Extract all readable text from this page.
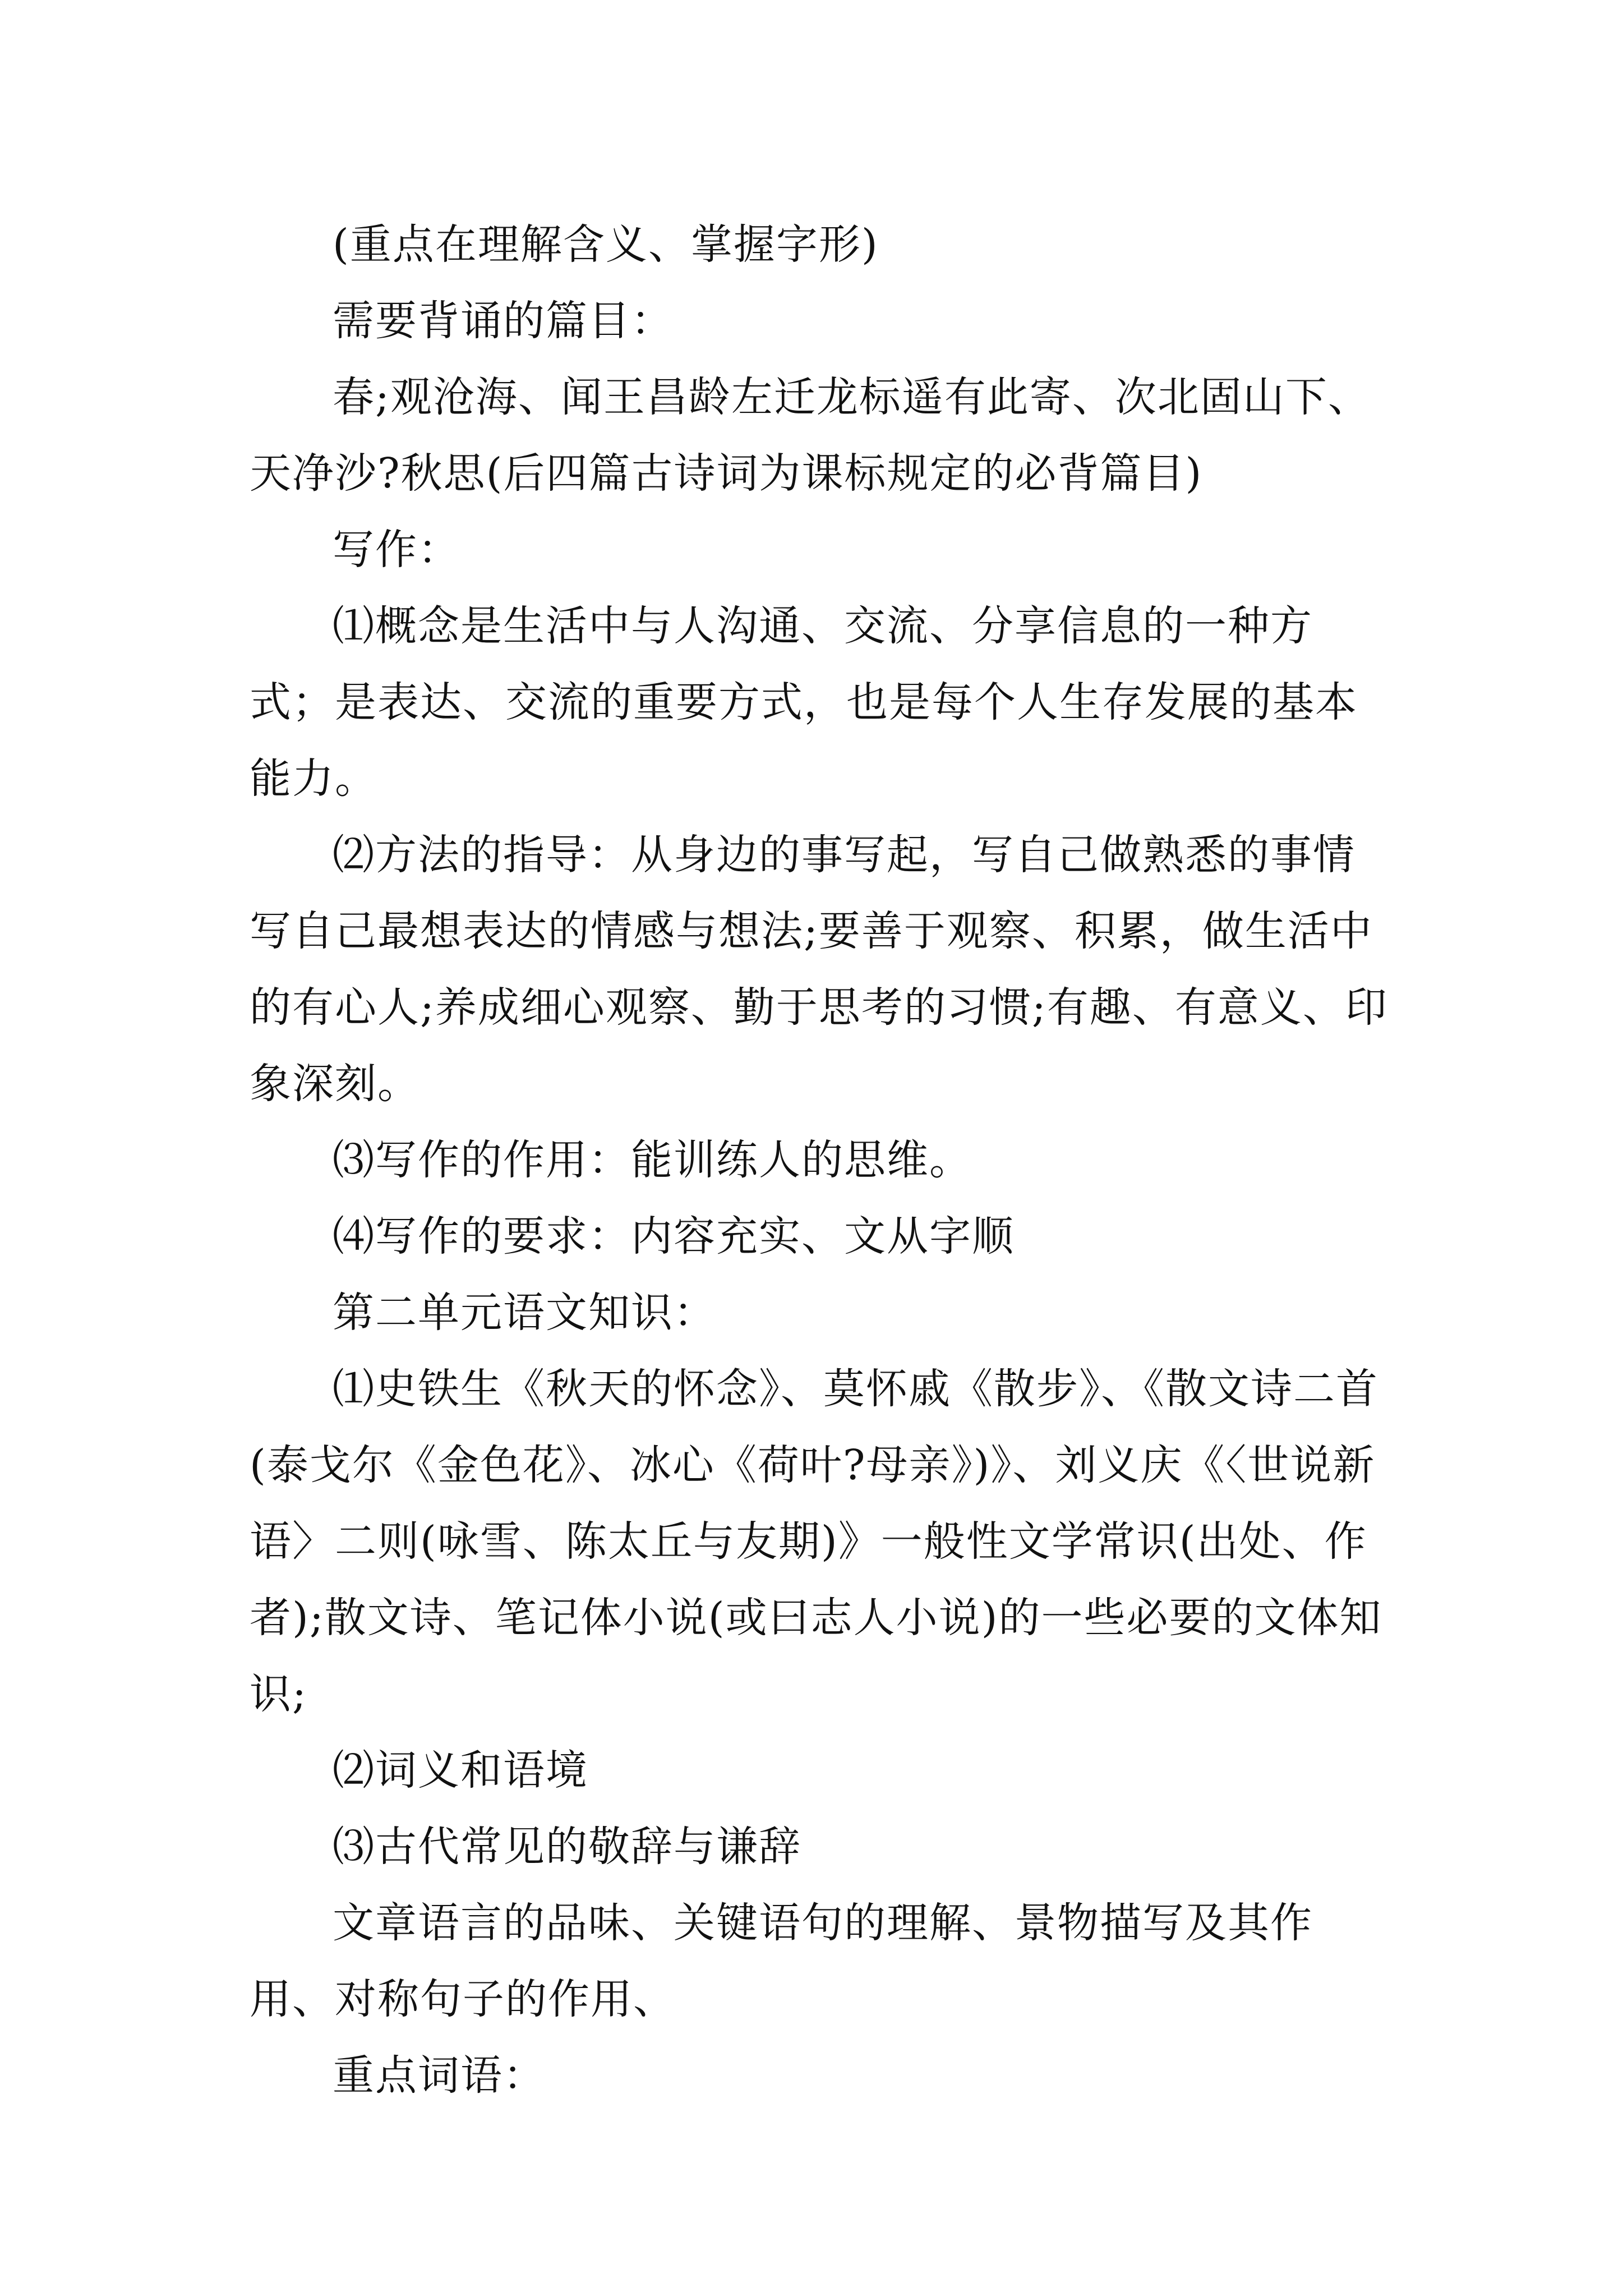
(重点在理解含义、掌握字形)

需要背诵的篇目：

春;观沧海、闻王昌龄左迁龙标遥有此寄、次北固山下、天净沙?秋思(后四篇古诗词为课标规定的必背篇目)

写作：

⑴概念是生活中与人沟通、交流、分享信息的一种方式；是表达、交流的重要方式，也是每个人生存发展的基本能力。

⑵方法的指导：从身边的事写起，写自己做熟悉的事情写自己最想表达的情感与想法;要善于观察、积累，做生活中的有心人;养成细心观察、勤于思考的习惯;有趣、有意义、印象深刻。

⑶写作的作用：能训练人的思维。

⑷写作的要求：内容充实、文从字顺

第二单元语文知识：

⑴史铁生《秋天的怀念》、莫怀戚《散步》、《散文诗二首(泰戈尔《金色花》、冰心《荷叶?母亲》)》、刘义庆《〈世说新语〉二则(咏雪、陈太丘与友期)》一般性文学常识(出处、作者);散文诗、笔记体小说(或曰志人小说)的一些必要的文体知识;

⑵词义和语境

⑶古代常见的敬辞与谦辞

文章语言的品味、关键语句的理解、景物描写及其作用、对称句子的作用、

重点词语：
